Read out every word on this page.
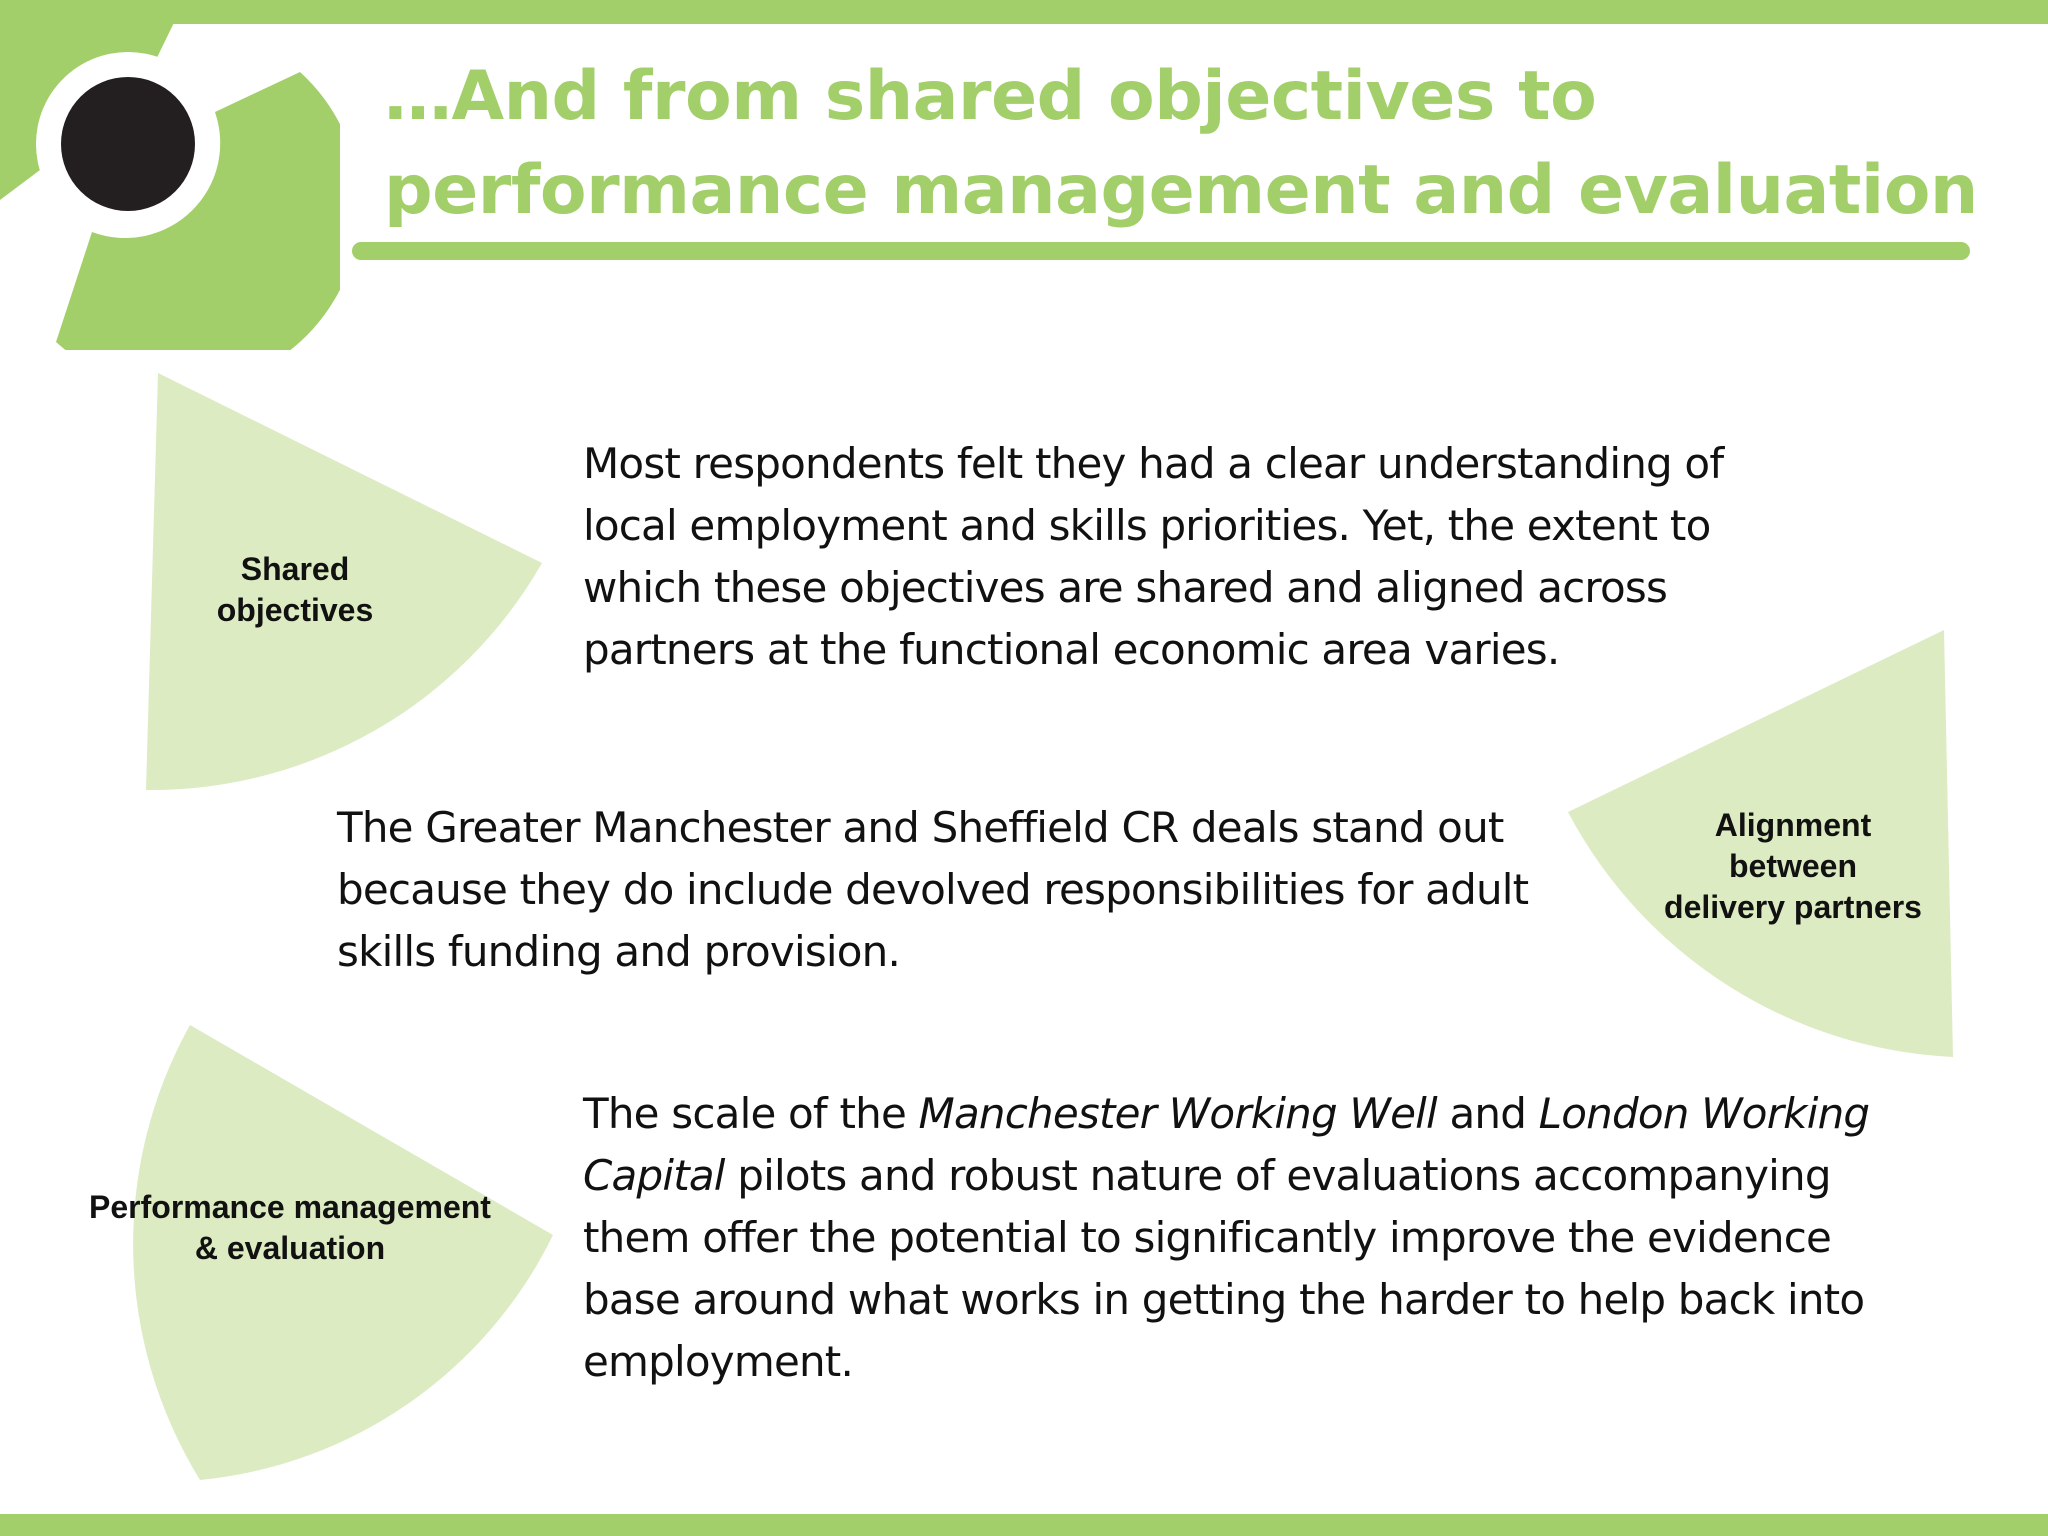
…And from shared objectives to performance management and evaluation
Shared
objectives
Alignment
between
delivery partners
Performance management
& evaluation

Most respondents felt they had a clear understanding of local employment and skills priorities. Yet, the extent to which these objectives are shared and aligned across partners at the functional economic area varies.

The Greater Manchester and Sheffield CR deals stand out because they do include devolved responsibilities for adult skills funding and provision.

The scale of the Manchester Working Well and London Working Capital pilots and robust nature of evaluations accompanying them offer the potential to significantly improve the evidence base around what works in getting the harder to help back into employment.
